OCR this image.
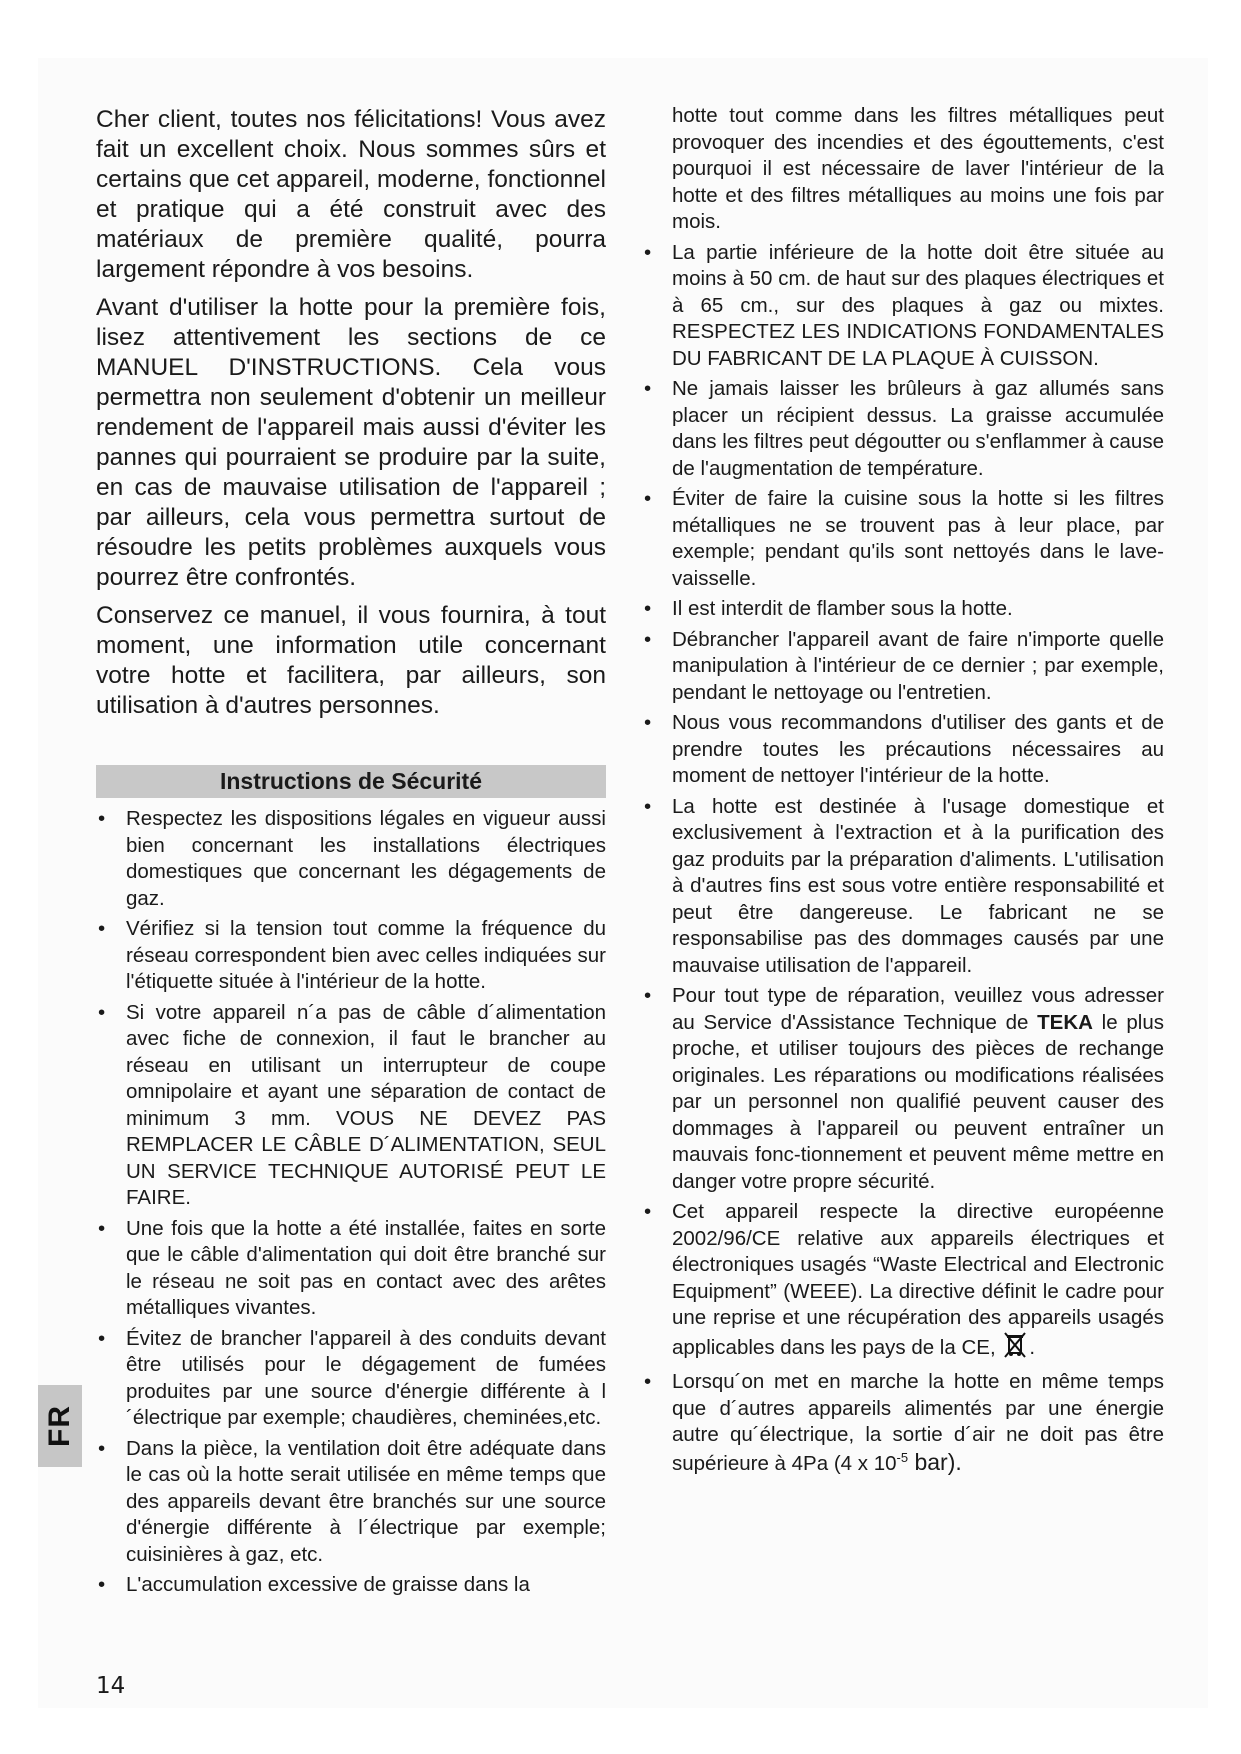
Cher client, toutes nos félicitations! Vous avez fait un excellent choix. Nous sommes sûrs et certains que cet appareil, moderne, fonctionnel et pratique qui a été construit avec des matériaux de première qualité, pourra largement répondre à vos besoins.

Avant d'utiliser la hotte pour la première fois, lisez attentivement les sections de ce MANUEL D'INSTRUCTIONS. Cela vous permettra non seulement d'obtenir un meilleur rendement de l'appareil mais aussi d'éviter les pannes qui pourraient se produire par la suite, en cas de mauvaise utilisation de l'appareil ; par ailleurs, cela vous permettra surtout de résoudre les petits problèmes auxquels vous pourrez être confrontés.

Conservez ce manuel, il vous fournira, à tout moment, une information utile concernant votre hotte et facilitera, par ailleurs, son utilisation à d'autres personnes.

Instructions de Sécurité
• Respectez les dispositions légales en vigueur aussi bien concernant les installations électriques domestiques que concernant les dégagements de gaz.
• Vérifiez si la tension tout comme la fréquence du réseau correspondent bien avec celles indiquées sur l'étiquette située à l'intérieur de la hotte.
• Si votre appareil n´a pas de câble d´alimentation avec fiche de connexion, il faut le brancher au réseau en utilisant un interrupteur de coupe omnipolaire et ayant une séparation de contact de minimum 3 mm. VOUS NE DEVEZ PAS REMPLACER LE CÂBLE D´ALIMENTATION, SEUL UN SERVICE TECHNIQUE AUTORISÉ PEUT LE FAIRE.
• Une fois que la hotte a été installée, faites en sorte que le câble d'alimentation qui doit être branché sur le réseau ne soit pas en contact avec des arêtes métalliques vivantes.
• Évitez de brancher l'appareil à des conduits devant être utilisés pour le dégagement de fumées produites par une source d'énergie différente à l´électrique par exemple; chaudières, cheminées,etc.
• Dans la pièce, la ventilation doit être adéquate dans le cas où la hotte serait utilisée en même temps que des appareils devant être branchés sur une source d'énergie différente à l´électrique par exemple; cuisinières à gaz, etc.
• L'accumulation excessive de graisse dans la
hotte tout comme dans les filtres métalliques peut provoquer des incendies et des égouttements, c'est pourquoi il est nécessaire de laver l'intérieur de la hotte et des filtres métalliques au moins une fois par mois.
• La partie inférieure de la hotte doit être située au moins à 50 cm. de haut sur des plaques électriques et à 65 cm., sur des plaques à gaz ou mixtes. RESPECTEZ LES INDICATIONS FONDAMENTALES DU FABRICANT DE LA PLAQUE À CUISSON.
• Ne jamais laisser les brûleurs à gaz allumés sans placer un récipient dessus. La graisse accumulée dans les filtres peut dégoutter ou s'enflammer à cause de l'augmentation de température.
• Éviter de faire la cuisine sous la hotte si les filtres métalliques ne se trouvent pas à leur place, par exemple; pendant qu'ils sont nettoyés dans le lave-vaisselle.
• Il est interdit de flamber sous la hotte.
• Débrancher l'appareil avant de faire n'importe quelle manipulation à l'intérieur de ce dernier ; par exemple, pendant le nettoyage ou l'entretien.
• Nous vous recommandons d'utiliser des gants et de prendre toutes les précautions nécessaires au moment de nettoyer l'intérieur de la hotte.
• La hotte est destinée à l'usage domestique et exclusivement à l'extraction et à la purification des gaz produits par la préparation d'aliments. L'utilisation à d'autres fins est sous votre entière responsabilité et peut être dangereuse. Le fabricant ne se responsabilise pas des dommages causés par une mauvaise utilisation de l'appareil.
• Pour tout type de réparation, veuillez vous adresser au Service d'Assistance Technique de TEKA le plus proche, et utiliser toujours des pièces de rechange originales. Les réparations ou modifications réalisées par un personnel non qualifié peuvent causer des dommages à l'appareil ou peuvent entraîner un mauvais fonc-tionnement et peuvent même mettre en danger votre propre sécurité.
• Cet appareil respecte la directive européenne 2002/96/CE relative aux appareils électriques et électroniques usagés “Waste Electrical and Electronic Equipment” (WEEE). La directive définit le cadre pour une reprise et une récupération des appareils usagés applicables dans les pays de la CE, .
• Lorsqu´on met en marche la hotte en même temps que d´autres appareils alimentés par une énergie autre qu´électrique, la sortie d´air ne doit pas être supérieure à 4Pa (4 x $10^{-5}$ bar).
FR
14
